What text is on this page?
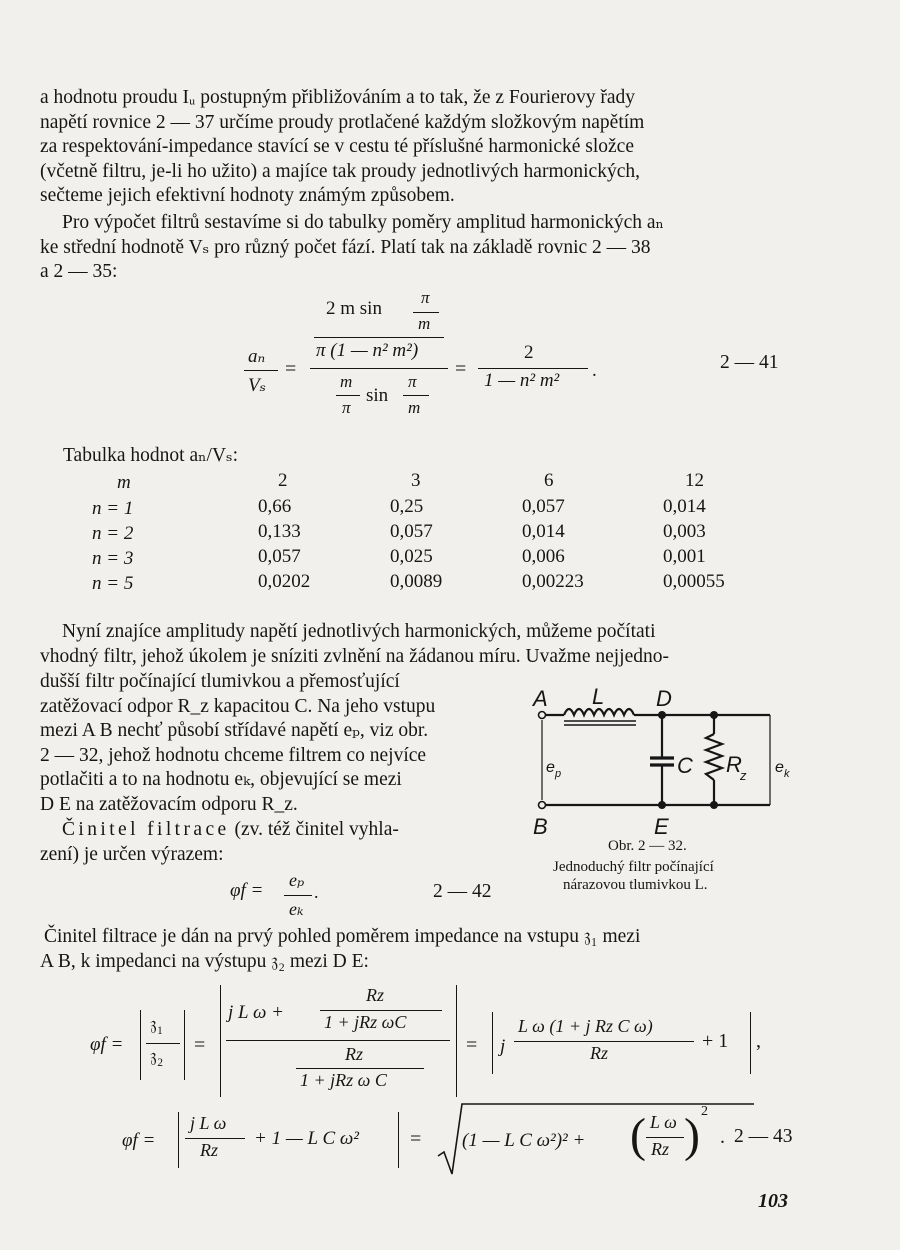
a hodnotu proudu Iᵤ postupným přibližováním a to tak, že z Fourierovy řady
napětí rovnice 2 — 37 určíme proudy protlačené každým složkovým napětím
za respektování-impedance stavící se v cestu té příslušné harmonické složce
(včetně filtru, je-li ho užito) a majíce tak proudy jednotlivých harmonických,
sečteme jejich efektivní hodnoty známým způsobem.
Pro výpočet filtrů sestavíme si do tabulky poměry amplitud harmonických aₙ
ke střední hodnotě Vₛ pro různý počet fází. Platí tak na základě rovnic 2 — 38
a 2 — 35:
aₙ
Vₛ
=
2 m sin
π
m
π (1 — n² m²)
m
π
sin
π
m
=
2
1 — n² m² .	2 — 41
Tabulka hodnot aₙ/Vₛ:
m	2	3	6	12
n = 1	0,66	0,25	0,057	0,014
n = 2	0,133	0,057	0,014	0,003
n = 3	0,057	0,025	0,006	0,001
n = 5	0,0202	0,0089	0,00223	0,00055
Nyní znajíce amplitudy napětí jednotlivých harmonických, můžeme počítati
vhodný filtr, jehož úkolem je sníziti zvlnění na žádanou míru. Uvažme nejjedno-
dušší filtr počínající tlumivkou a přemosťující
zatěžovací odpor R_z kapacitou C. Na jeho vstupu
mezi A B nechť působí střídavé napětí eₚ, viz obr.
2 — 32, jehož hodnotu chceme filtrem co nejvíce
potlačiti a to na hodnotu eₖ, objevující se mezi
D E na zatěžovacím odporu R_z.
Činitel filtrace (zv. též činitel vyhla-
zení) je určen výrazem:
φf = eₚ
eₖ
.	2 — 42
A L D
B	E
C R
z
e p	e k
Obr. 2 — 32.
Jednoduchý filtr počínající
nárazovou tlumivkou L.
Činitel filtrace je dán na prvý pohled poměrem impedance na vstupu 𝔷₁ mezi
A B, k impedanci na výstupu 𝔷₂ mezi D E:
φf =
𝔷₁
𝔷₂
=
j L ω +
Rz
1 + jRz ωC
Rz
1 + jRz ω C
= j
L ω (1 + j Rz C ω)
Rz
+ 1 ,
φf =
j L ω
Rz
+ 1 — L C ω²	= (1 — L C ω²)² + ( L ω
Rz ) 2
. 2 — 43
103
